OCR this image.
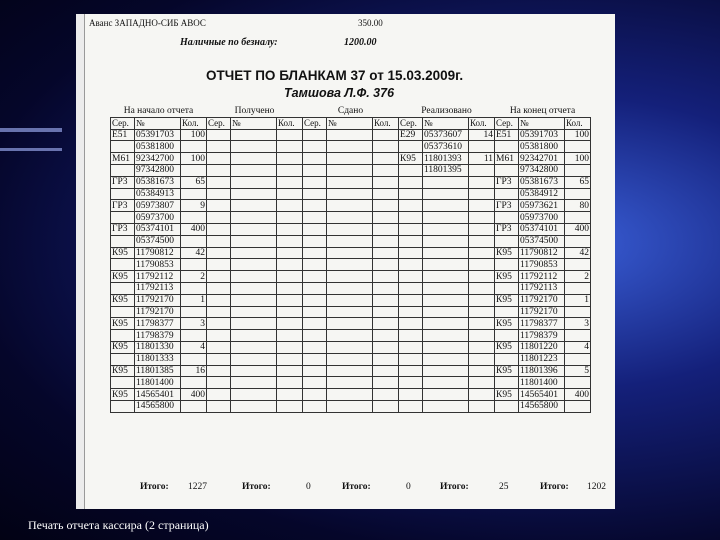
Аванс ЗАПАДНО-СИБ АВОС	350.00
Наличные по безналу:	1200.00
ОТЧЕТ ПО БЛАНКАМ 37 от 15.03.2009г.
Тамшова Л.Ф. 376
На начало отчета			Получено			Сдано			Реализовано			На конец отчета		
Сер.	№	Кол.	Сер.	№	Кол.	Сер.	№	Кол.	Сер.	№	Кол.	Сер.	№	Кол.
Е51	05391703	100							Е29	05373607	14	Е51	05391703	100
	05381800									05373610			05381800	
М61	92342700	100							К95	11801393	11	М61	92342701	100
	97342800									11801395			97342800	
ГР3	05381673	65										ГР3	05381673	65
	05384913												05384912	
ГР3	05973807	9										ГР3	05973621	80
	05973700												05973700	
ГР3	05374101	400										ГР3	05374101	400
	05374500												05374500	
К95	11790812	42										К95	11790812	42
	11790853												11790853	
К95	11792112	2										К95	11792112	2
	11792113												11792113	
К95	11792170	1										К95	11792170	1
	11792170												11792170	
К95	11798377	3										К95	11798377	3
	11798379												11798379	
К95	11801330	4										К95	11801220	4
	11801333												11801223	
К95	11801385	16										К95	11801396	5
	11801400												11801400	
К95	14565401	400										К95	14565401	400
	14565800												14565800	
Итого: 1227	Итого:	0	Итого:	0	Итого:	25	Итого: 1202
Печать отчета кассира (2 страница)
